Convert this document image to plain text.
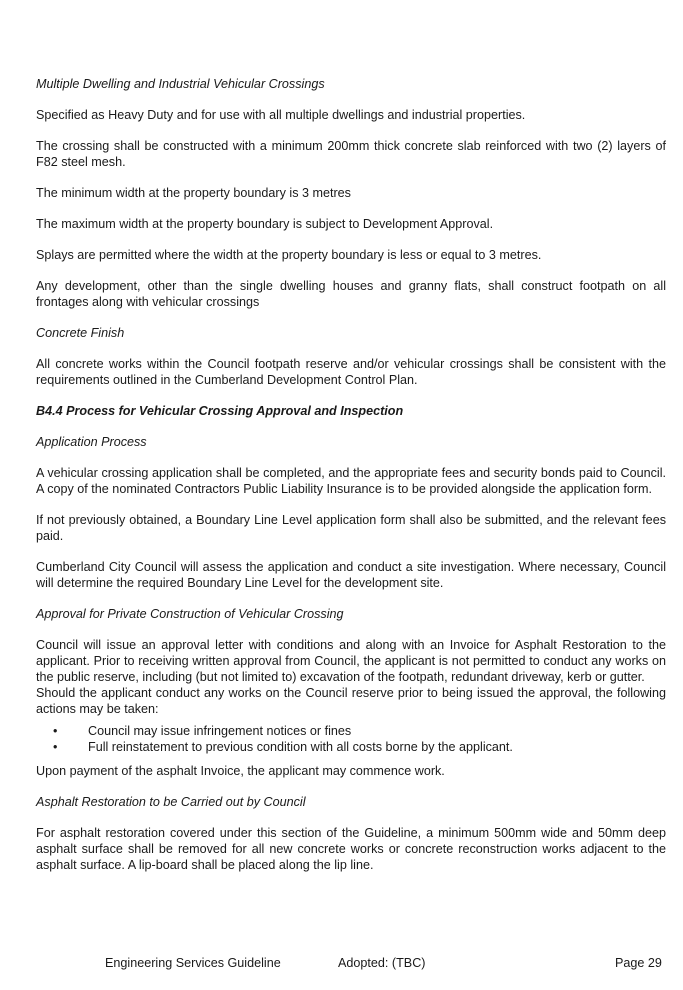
Multiple Dwelling and Industrial Vehicular Crossings

Specified as Heavy Duty and for use with all multiple dwellings and industrial properties.

The crossing shall be constructed with a minimum 200mm thick concrete slab reinforced with two (2) layers of F82 steel mesh.

The minimum width at the property boundary is 3 metres

The maximum width at the property boundary is subject to Development Approval.

Splays are permitted where the width at the property boundary is less or equal to 3 metres.

Any development, other than the single dwelling houses and granny flats, shall construct footpath on all frontages along with vehicular crossings

Concrete Finish

All concrete works within the Council footpath reserve and/or vehicular crossings shall be consistent with the requirements outlined in the Cumberland Development Control Plan.

B4.4 Process for Vehicular Crossing Approval and Inspection

Application Process

A vehicular crossing application shall be completed, and the appropriate fees and security bonds paid to Council. A copy of the nominated Contractors Public Liability Insurance is to be provided alongside the application form.

If not previously obtained, a Boundary Line Level application form shall also be submitted, and the relevant fees paid.

Cumberland City Council will assess the application and conduct a site investigation. Where necessary, Council will determine the required Boundary Line Level for the development site.

Approval for Private Construction of Vehicular Crossing

Council will issue an approval letter with conditions and along with an Invoice for Asphalt Restoration to the applicant. Prior to receiving written approval from Council, the applicant is not permitted to conduct any works on the public reserve, including (but not limited to) excavation of the footpath, redundant driveway, kerb or gutter.

Should the applicant conduct any works on the Council reserve prior to being issued the approval, the following actions may be taken:

• Council may issue infringement notices or fines
• Full reinstatement to previous condition with all costs borne by the applicant.

Upon payment of the asphalt Invoice, the applicant may commence work.

Asphalt Restoration to be Carried out by Council

For asphalt restoration covered under this section of the Guideline, a minimum 500mm wide and 50mm deep asphalt surface shall be removed for all new concrete works or concrete reconstruction works adjacent to the asphalt surface. A lip-board shall be placed along the lip line.

Engineering Services Guideline	Adopted: (TBC)	Page 29
